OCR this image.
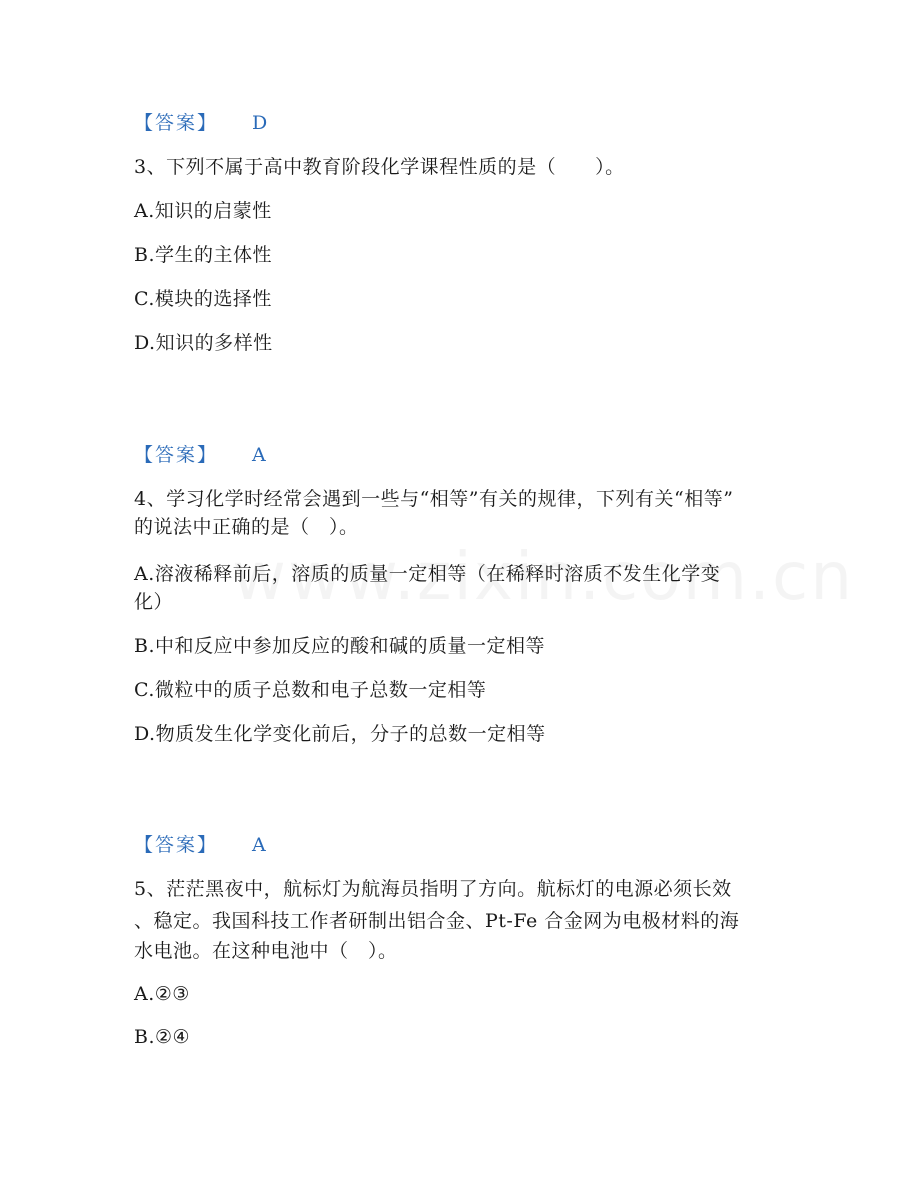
【答案】 D
3、下列不属于高中教育阶段化学课程性质的是（　　）。
A.知识的启蒙性
B.学生的主体性
C.模块的选择性
D.知识的多样性
【答案】 A
4、学习化学时经常会遇到一些与“相等”有关的规律，下列有关“相等”
的说法中正确的是（　）。
A.溶液稀释前后，溶质的质量一定相等（在稀释时溶质不发生化学变
化）
B.中和反应中参加反应的酸和碱的质量一定相等
C.微粒中的质子总数和电子总数一定相等
D.物质发生化学变化前后，分子的总数一定相等
【答案】 A
5、茫茫黑夜中，航标灯为航海员指明了方向。航标灯的电源必须长效
、稳定。我国科技工作者研制出铝合金、Pt-Fe 合金网为电极材料的海
水电池。在这种电池中（　）。
A.②③
B.②④
